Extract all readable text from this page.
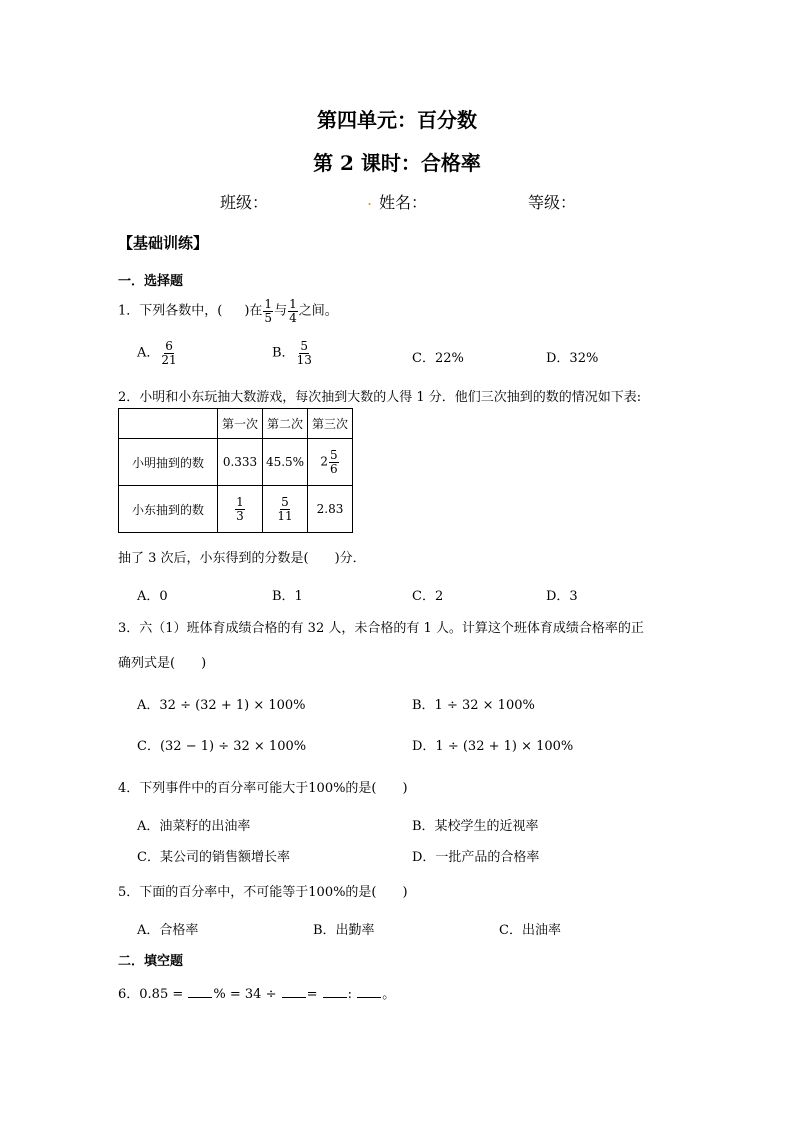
第四单元：百分数
第 2 课时：合格率
班级：	. 姓名：	等级：
【基础训练】
一．选择题
1．下列各数中，( )在 $\frac{1}{5}$ 与 $\frac{1}{4}$ 之间。
A． $\frac{6}{21}$	B． $\frac{5}{13}$	C．22%	D．32%
2．小明和小东玩抽大数游戏，每次抽到大数的人得 1 分．他们三次抽到的数的情况如下表:
	第一次	第二次	第三次
小明抽到的数	0.333	45.5%	$2 \frac{5}{6}$

小东抽到的数	$\frac{1}{3}$	$\frac{5}{11}$	2.83
抽了 3 次后，小东得到的分数是(　　)分．
A．0	B．1	C．2	D．3
3．六（1）班体育成绩合格的有 32 人，未合格的有 1 人。计算这个班体育成绩合格率的正
确列式是(　　)
A．32 ÷ (32 + 1) × 100%	B．1 ÷ 32 × 100%
C．(32 − 1) ÷ 32 × 100%	D．1 ÷ (32 + 1) × 100%
4．下列事件中的百分率可能大于100%的是(　　)
A．油菜籽的出油率	B．某校学生的近视率
C．某公司的销售额增长率	D．一批产品的合格率
5．下面的百分率中，不可能等于100%的是(　　)
A．合格率	B．出勤率	C．出油率
二．填空题
6．0.85 = % = 34 ÷ = : 。
